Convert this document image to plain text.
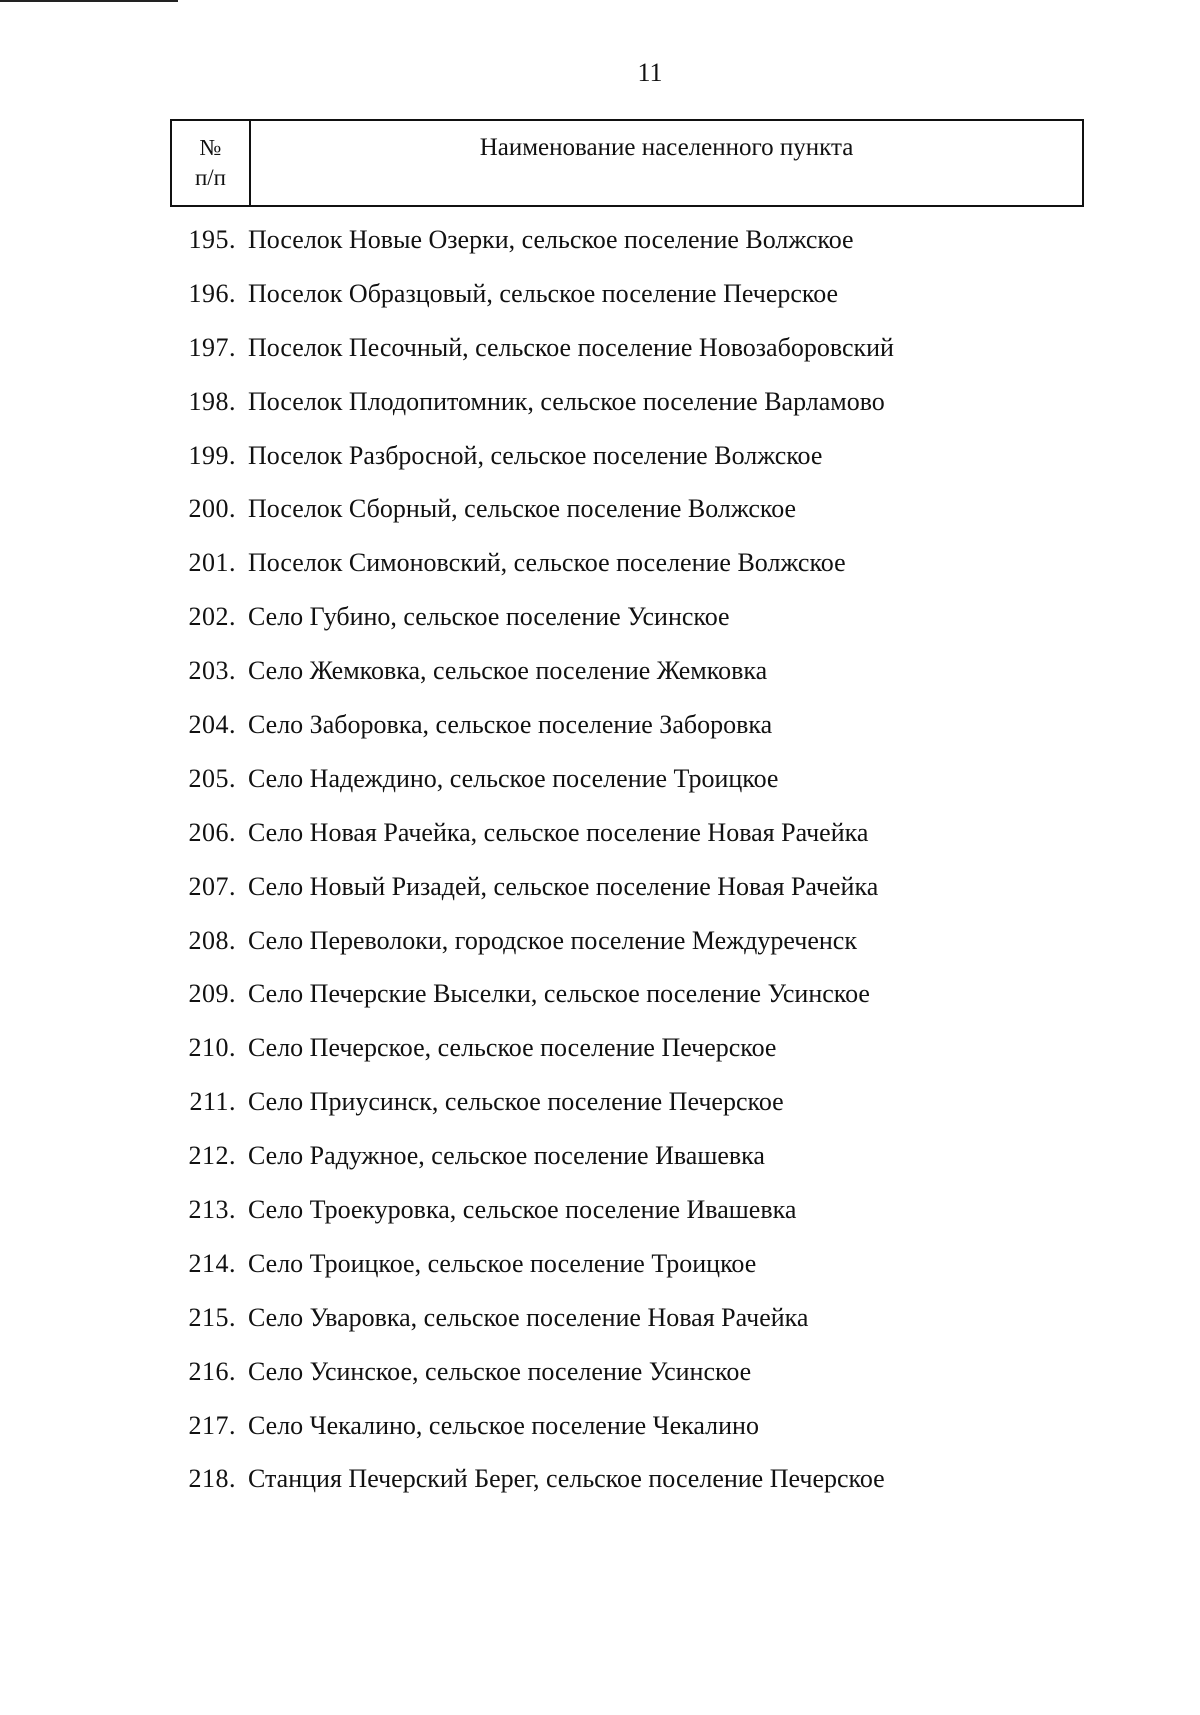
11
№
п/п
Наименование населенного пункта
195. Поселок Новые Озерки, сельское поселение Волжское
196. Поселок Образцовый, сельское поселение Печерское
197. Поселок Песочный, сельское поселение Новозаборовский
198. Поселок Плодопитомник, сельское поселение Варламово
199. Поселок Разбросной, сельское поселение Волжское
200. Поселок Сборный, сельское поселение Волжское
201. Поселок Симоновский, сельское поселение Волжское
202. Село Губино, сельское поселение Усинское
203. Село Жемковка, сельское поселение Жемковка
204. Село Заборовка, сельское поселение Заборовка
205. Село Надеждино, сельское поселение Троицкое
206. Село Новая Рачейка, сельское поселение Новая Рачейка
207. Село Новый Ризадей, сельское поселение Новая Рачейка
208. Село Переволоки, городское поселение Междуреченск
209. Село Печерские Выселки, сельское поселение Усинское
210. Село Печерское, сельское поселение Печерское
211. Село Приусинск, сельское поселение Печерское
212. Село Радужное, сельское поселение Ивашевка
213. Село Троекуровка, сельское поселение Ивашевка
214. Село Троицкое, сельское поселение Троицкое
215. Село Уваровка, сельское поселение Новая Рачейка
216. Село Усинское, сельское поселение Усинское
217. Село Чекалино, сельское поселение Чекалино
218. Станция Печерский Берег, сельское поселение Печерское
